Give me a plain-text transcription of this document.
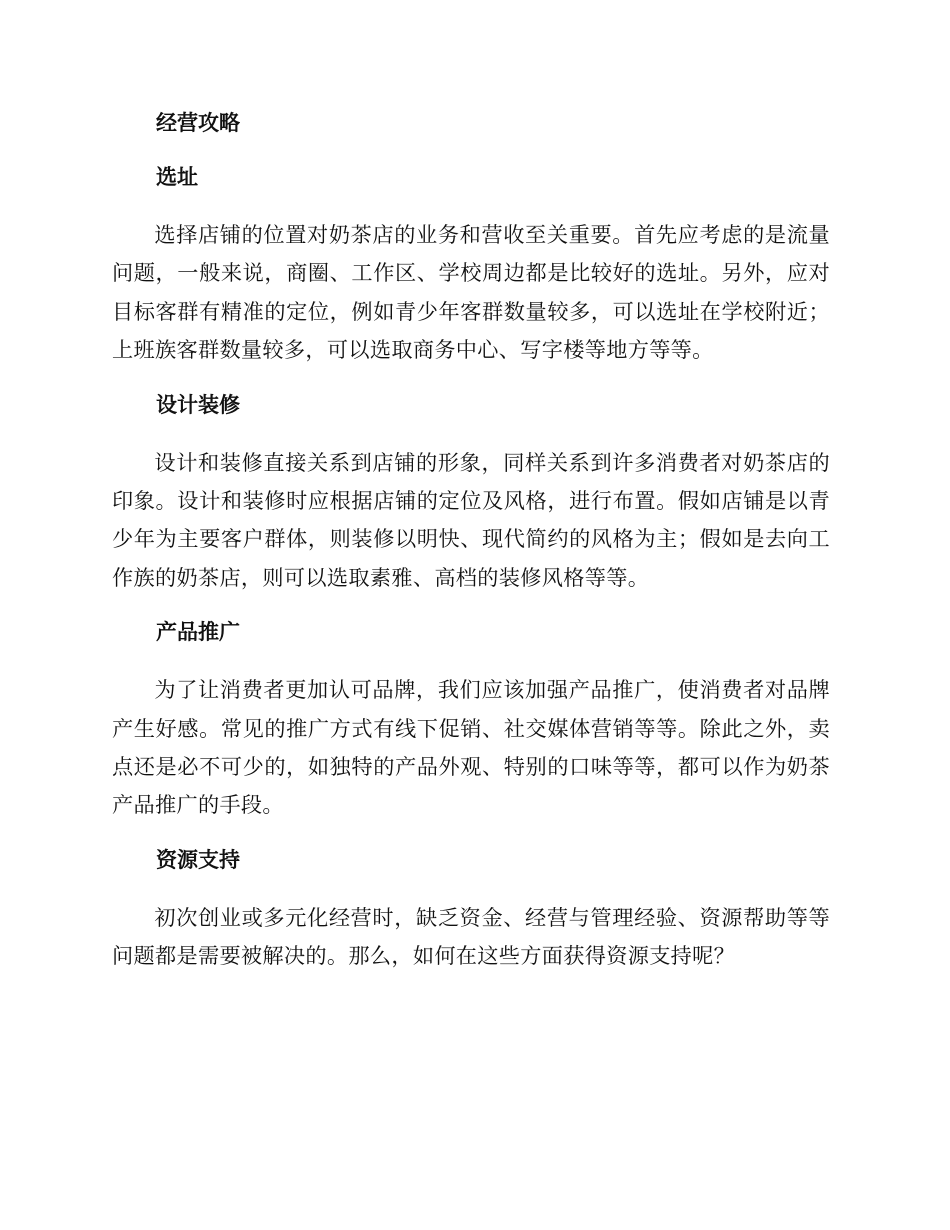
经营攻略
选址

选择店铺的位置对奶茶店的业务和营收至关重要。首先应考虑的是流量问题，一般来说，商圈、工作区、学校周边都是比较好的选址。另外，应对目标客群有精准的定位，例如青少年客群数量较多，可以选址在学校附近；上班族客群数量较多，可以选取商务中心、写字楼等地方等等。

设计装修

设计和装修直接关系到店铺的形象，同样关系到许多消费者对奶茶店的印象。设计和装修时应根据店铺的定位及风格，进行布置。假如店铺是以青少年为主要客户群体，则装修以明快、现代简约的风格为主；假如是去向工作族的奶茶店，则可以选取素雅、高档的装修风格等等。

产品推广

为了让消费者更加认可品牌，我们应该加强产品推广，使消费者对品牌产生好感。常见的推广方式有线下促销、社交媒体营销等等。除此之外，卖点还是必不可少的，如独特的产品外观、特别的口味等等，都可以作为奶茶产品推广的手段。

资源支持

初次创业或多元化经营时，缺乏资金、经营与管理经验、资源帮助等等问题都是需要被解决的。那么，如何在这些方面获得资源支持呢？
